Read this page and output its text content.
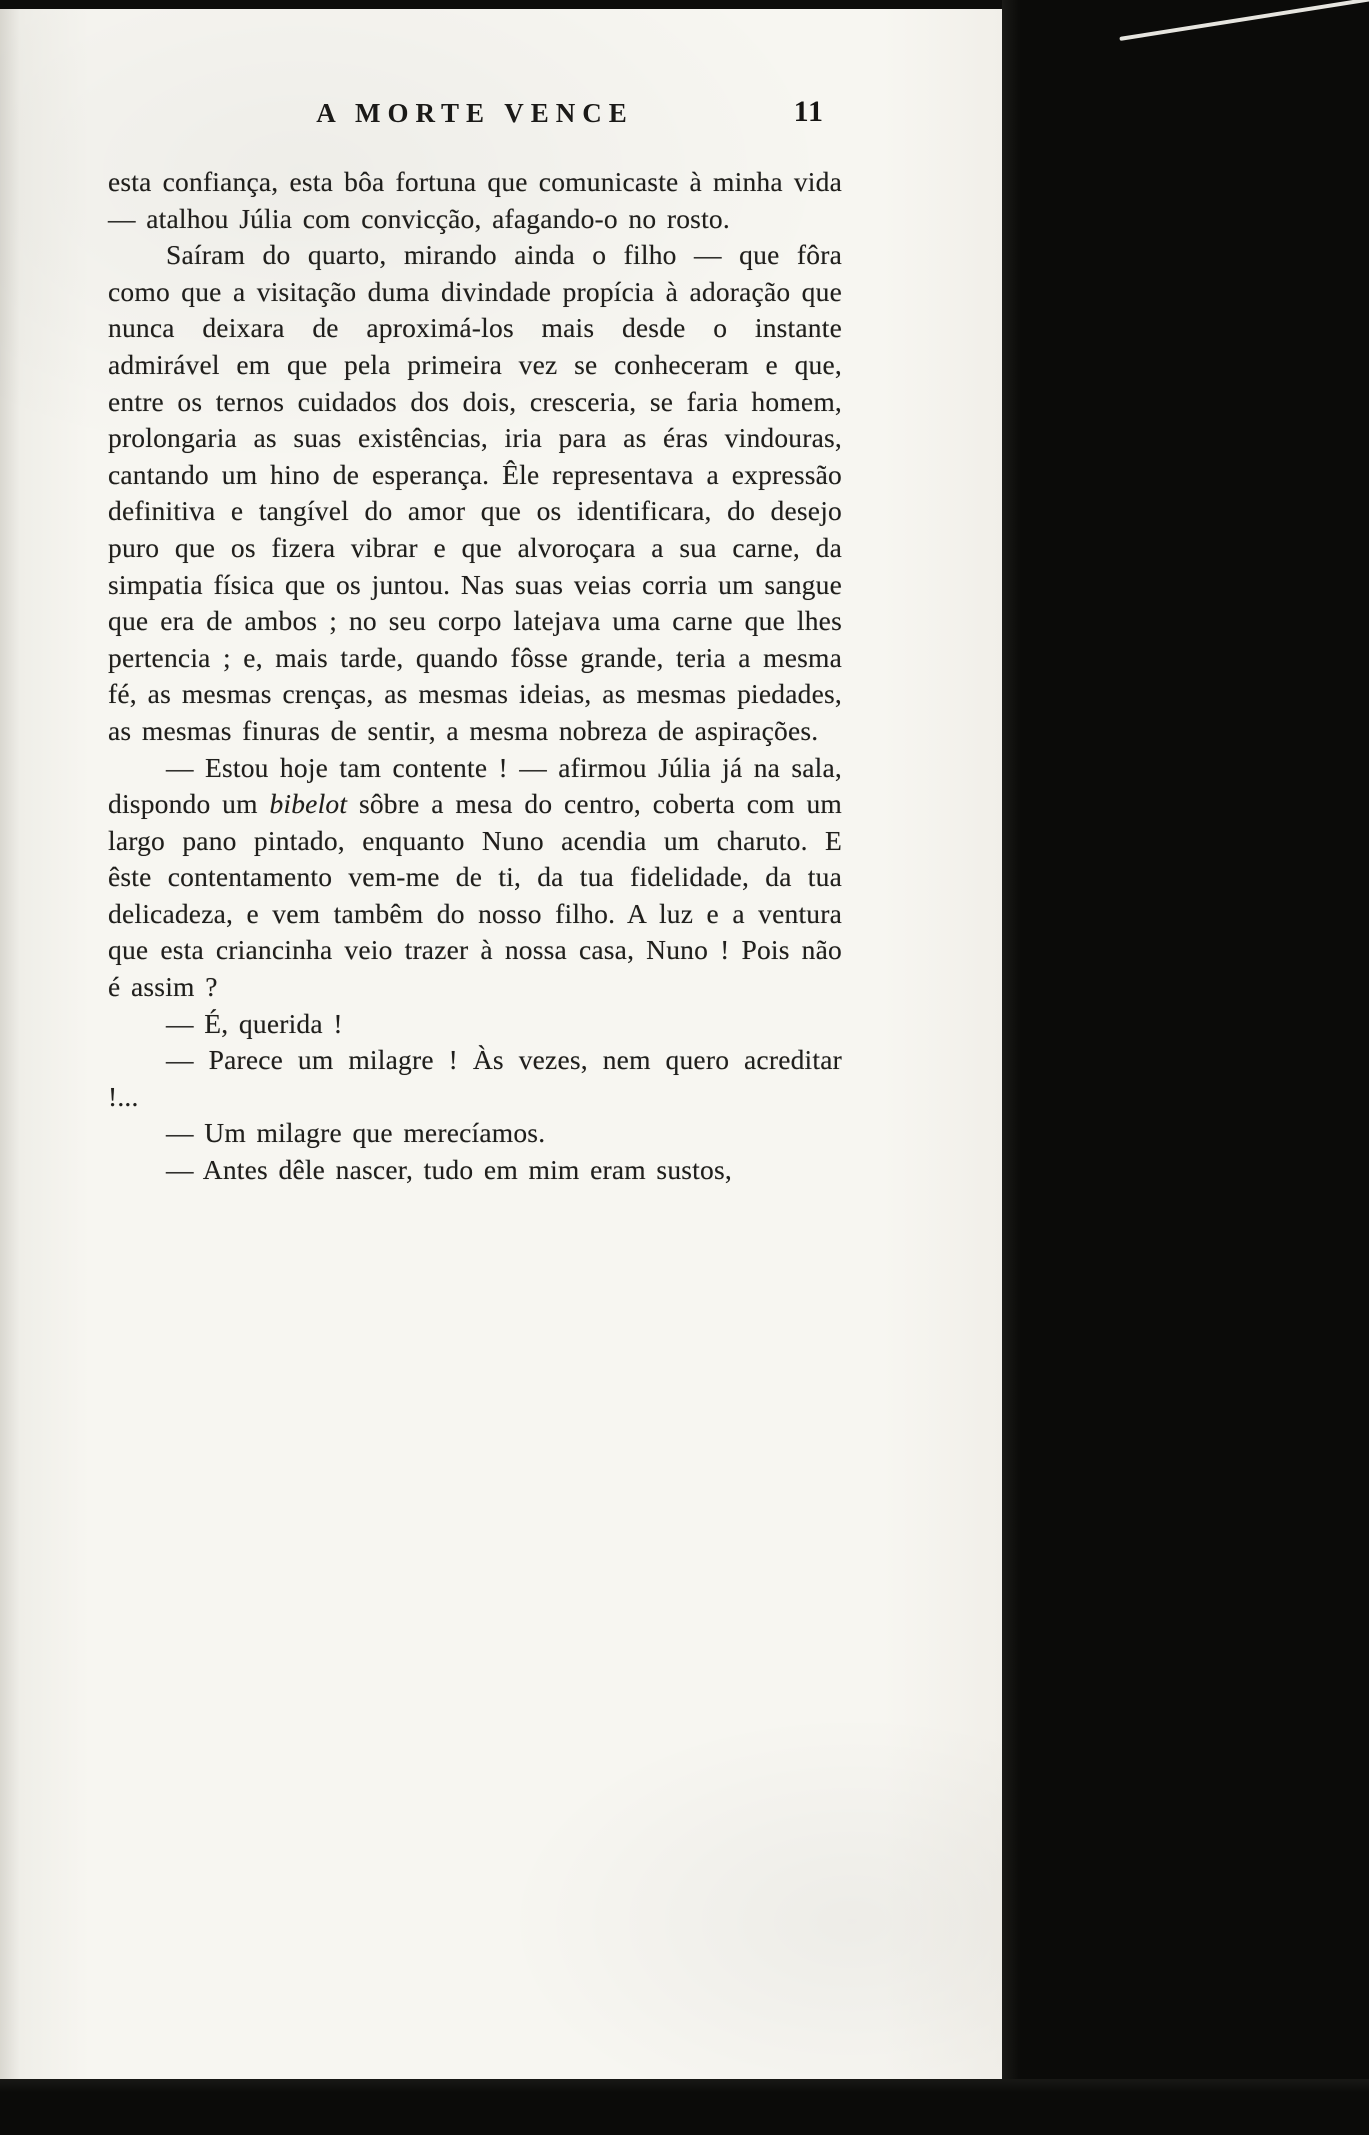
A MORTE VENCE	11

esta confiança, esta bôa fortuna que comunicaste à minha vida — atalhou Júlia com convicção, afagando-o no rosto.

Saíram do quarto, mirando ainda o filho — que fôra como que a visitação duma divindade propícia à adoração que nunca deixara de aproximá-los mais desde o instante admirável em que pela primeira vez se conheceram e que, entre os ternos cuidados dos dois, cresceria, se faria homem, prolongaria as suas existências, iria para as éras vindouras, cantando um hino de esperança. Êle representava a expressão definitiva e tangível do amor que os identificara, do desejo puro que os fizera vibrar e que alvoroçara a sua carne, da simpatia física que os juntou. Nas suas veias corria um sangue que era de ambos ; no seu corpo latejava uma carne que lhes pertencia ; e, mais tarde, quando fôsse grande, teria a mesma fé, as mesmas crenças, as mesmas ideias, as mesmas piedades, as mesmas finuras de sentir, a mesma nobreza de aspirações.

— Estou hoje tam contente ! — afirmou Júlia já na sala, dispondo um bibelot sôbre a mesa do centro, coberta com um largo pano pintado, enquanto Nuno acendia um charuto. E êste contentamento vem-me de ti, da tua fidelidade, da tua delicadeza, e vem tambêm do nosso filho. A luz e a ventura que esta criancinha veio trazer à nossa casa, Nuno ! Pois não é assim ?

— É, querida !

— Parece um milagre ! Às vezes, nem quero acreditar !...

— Um milagre que merecíamos.

— Antes dêle nascer, tudo em mim eram sustos,
